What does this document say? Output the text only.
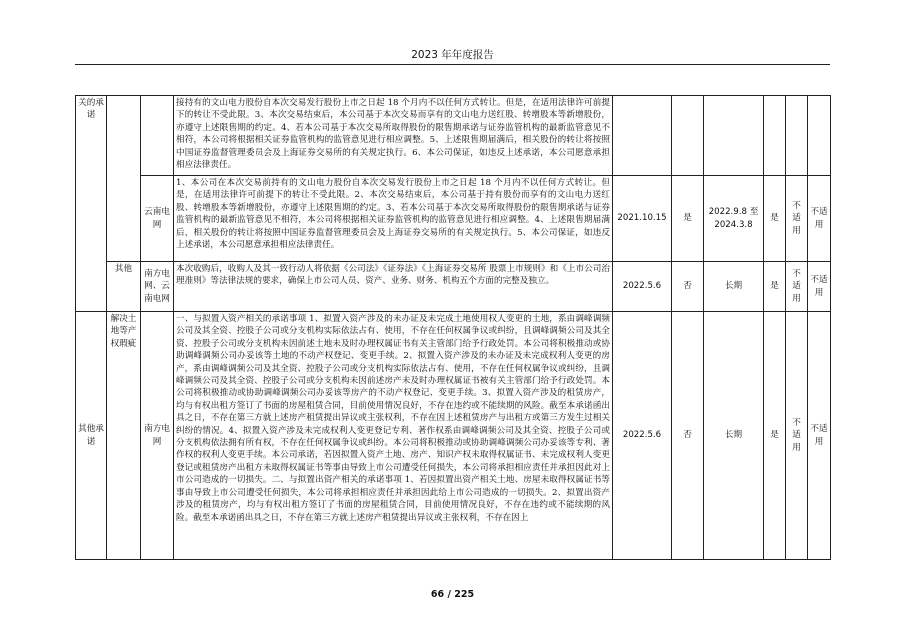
2023 年年度报告
关的承诺			接持有的文山电力股份自本次交易发行股份上市之日起 18 个月内不以任何方式转让。但是，在适用法律许可前提下的转让不受此限。3、本次交易结束后，本公司基于本次交易而享有的文山电力送红股、转增股本等新增股份，亦遵守上述限售期的约定。4、若本公司基于本次交易所取得股份的限售期承诺与证券监管机构的最新监管意见不相符，本公司将根据相关证券监管机构的监管意见进行相应调整。5、上述限售期届满后，相关股份的转让将按照中国证券监督管理委员会及上海证券交易所的有关规定执行。6、本公司保证，如违反上述承诺，本公司愿意承担相应法律责任。						
		云南电网	1、本公司在本次交易前持有的文山电力股份自本次交易发行股份上市之日起 18 个月内不以任何方式转让。但是，在适用法律许可前提下的转让不受此限。2、本次交易结束后，本公司基于持有股份而享有的文山电力送红股、转增股本等新增股份，亦遵守上述限售期的约定。3、若本公司基于本次交易所取得股份的限售期承诺与证券监管机构的最新监管意见不相符，本公司将根据相关证券监管机构的监管意见进行相应调整。4、上述限售期届满后，相关股份的转让将按照中国证券监督管理委员会及上海证券交易所的有关规定执行。5、本公司保证，如违反上述承诺，本公司愿意承担相应法律责任。	2021.10.15	是	2022.9.8 至 2024.3.8	是	不适用	不适用
	其他	南方电网、云南电网	本次收购后，收购人及其一致行动人将依据《公司法》《证券法》《上海证券交易所 股票上市规则》和《上市公司治理准则》等法律法规的要求，确保上市公司人员、资产、业务、财务、机构五个方面的完整及独立。	2022.5.6	否	长期	是	不适用	不适用
其他承诺	解决土地等产权瑕疵	南方电网	一、与拟置入资产相关的承诺事项 1、拟置入资产涉及的未办证及未完成土地使用权人变更的土地，系由调峰调频公司及其全资、控股子公司或分支机构实际依法占有、使用，不存在任何权属争议或纠纷，且调峰调频公司及其全资、控股子公司或分支机构未因前述土地未及时办理权属证书有关主管部门给予行政处罚。本公司将积极推动或协助调峰调频公司办妥该等土地的不动产权登记、变更手续。2、拟置入资产涉及的未办证及未完成权利人变更的房产，系由调峰调频公司及其全资、控股子公司或分支机构实际依法占有、使用，不存在任何权属争议或纠纷，且调峰调频公司及其全资、控股子公司或分支机构未因前述房产未及时办理权属证书被有关主管部门给予行政处罚。本公司将积极推动或协助调峰调频公司办妥该等房产的不动产权登记、变更手续。3、拟置入资产涉及的租赁房产，均与有权出租方签订了书面的房屋租赁合同，目前使用情况良好，不存在违约或不能续期的风险。截至本承诺函出具之日，不存在第三方就上述房产租赁提出异议或主张权利，不存在因上述租赁房产与出租方或第三方发生过相关纠纷的情况。4、拟置入资产涉及未完成权利人变更登记专利、著作权系由调峰调频公司及其全资、控股子公司或分支机构依法拥有所有权，不存在任何权属争议或纠纷。本公司将积极推动或协助调峰调频公司办妥该等专利、著作权的权利人变更手续。本公司承诺，若因拟置入资产土地、房产、知识产权未取得权属证书、未完成权利人变更登记或租赁房产出租方未取得权属证书等事由导致上市公司遭受任何损失，本公司将承担相应责任并承担因此对上市公司造成的一切损失。二、与拟置出资产相关的承诺事项 1、若因拟置出资产相关土地、房屋未取得权属证书等事由导致上市公司遭受任何损失，本公司将承担相应责任并承担因此给上市公司造成的一切损失。2、拟置出资产涉及的租赁房产，均与有权出租方签订了书面的房屋租赁合同，目前使用情况良好，不存在违约或不能续期的风险。截至本承诺函出具之日，不存在第三方就上述房产租赁提出异议或主张权利，不存在因上	2022.5.6	否	长期	是	不适用	不适用
66 / 225
